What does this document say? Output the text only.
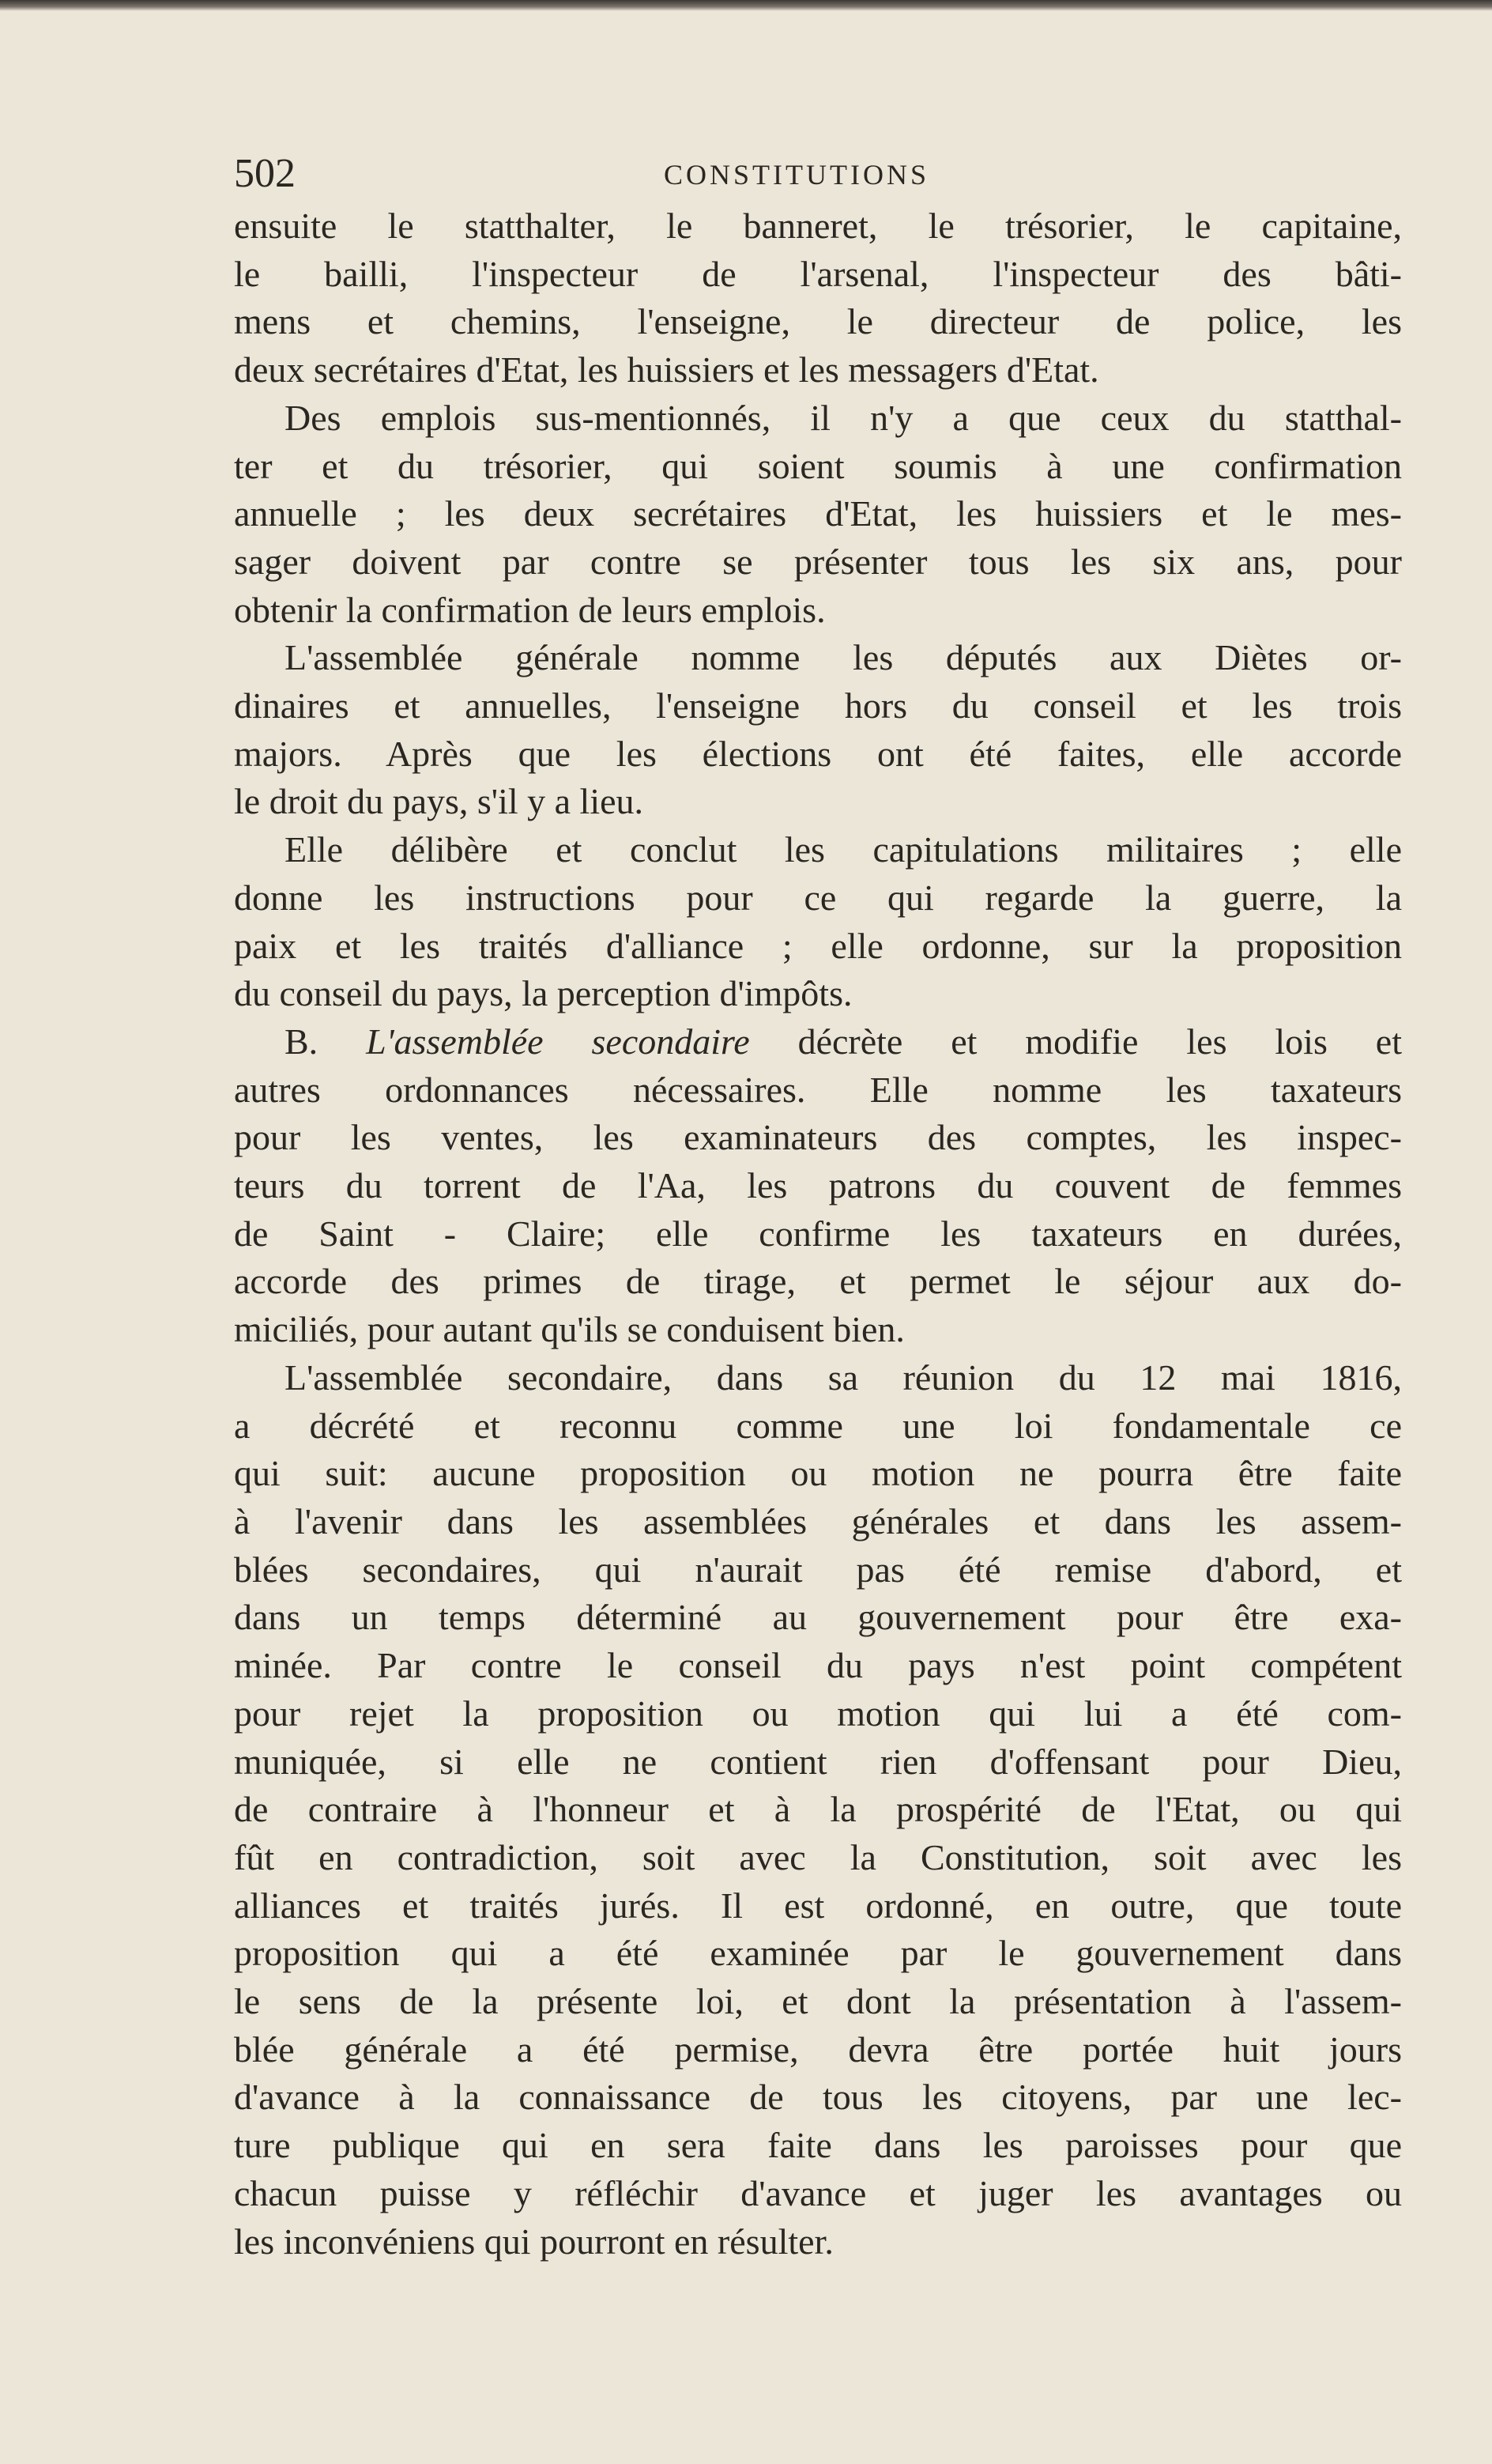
502	CONSTITUTIONS

ensuite le statthalter, le banneret, le trésorier, le capitaine,
le bailli, l'inspecteur de l'arsenal, l'inspecteur des bâti-
mens et chemins, l'enseigne, le directeur de police, les
deux secrétaires d'Etat, les huissiers et les messagers d'Etat.

Des emplois sus-mentionnés, il n'y a que ceux du statthal-
ter et du trésorier, qui soient soumis à une confirmation
annuelle ; les deux secrétaires d'Etat, les huissiers et le mes-
sager doivent par contre se présenter tous les six ans, pour
obtenir la confirmation de leurs emplois.

L'assemblée générale nomme les députés aux Diètes or-
dinaires et annuelles, l'enseigne hors du conseil et les trois
majors. Après que les élections ont été faites, elle accorde
le droit du pays, s'il y a lieu.

Elle délibère et conclut les capitulations militaires ; elle
donne les instructions pour ce qui regarde la guerre, la
paix et les traités d'alliance ; elle ordonne, sur la proposition
du conseil du pays, la perception d'impôts.

B. L'assemblée secondaire décrète et modifie les lois et
autres ordonnances nécessaires. Elle nomme les taxateurs
pour les ventes, les examinateurs des comptes, les inspec-
teurs du torrent de l'Aa, les patrons du couvent de femmes
de Saint - Claire; elle confirme les taxateurs en durées,
accorde des primes de tirage, et permet le séjour aux do-
miciliés, pour autant qu'ils se conduisent bien.

L'assemblée secondaire, dans sa réunion du 12 mai 1816,
a décrété et reconnu comme une loi fondamentale ce
qui suit: aucune proposition ou motion ne pourra être faite
à l'avenir dans les assemblées générales et dans les assem-
blées secondaires, qui n'aurait pas été remise d'abord, et
dans un temps déterminé au gouvernement pour être exa-
minée. Par contre le conseil du pays n'est point compétent
pour rejet la proposition ou motion qui lui a été com-
muniquée, si elle ne contient rien d'offensant pour Dieu,
de contraire à l'honneur et à la prospérité de l'Etat, ou qui
fût en contradiction, soit avec la Constitution, soit avec les
alliances et traités jurés. Il est ordonné, en outre, que toute
proposition qui a été examinée par le gouvernement dans
le sens de la présente loi, et dont la présentation à l'assem-
blée générale a été permise, devra être portée huit jours
d'avance à la connaissance de tous les citoyens, par une lec-
ture publique qui en sera faite dans les paroisses pour que
chacun puisse y réfléchir d'avance et juger les avantages ou
les inconvéniens qui pourront en résulter.
